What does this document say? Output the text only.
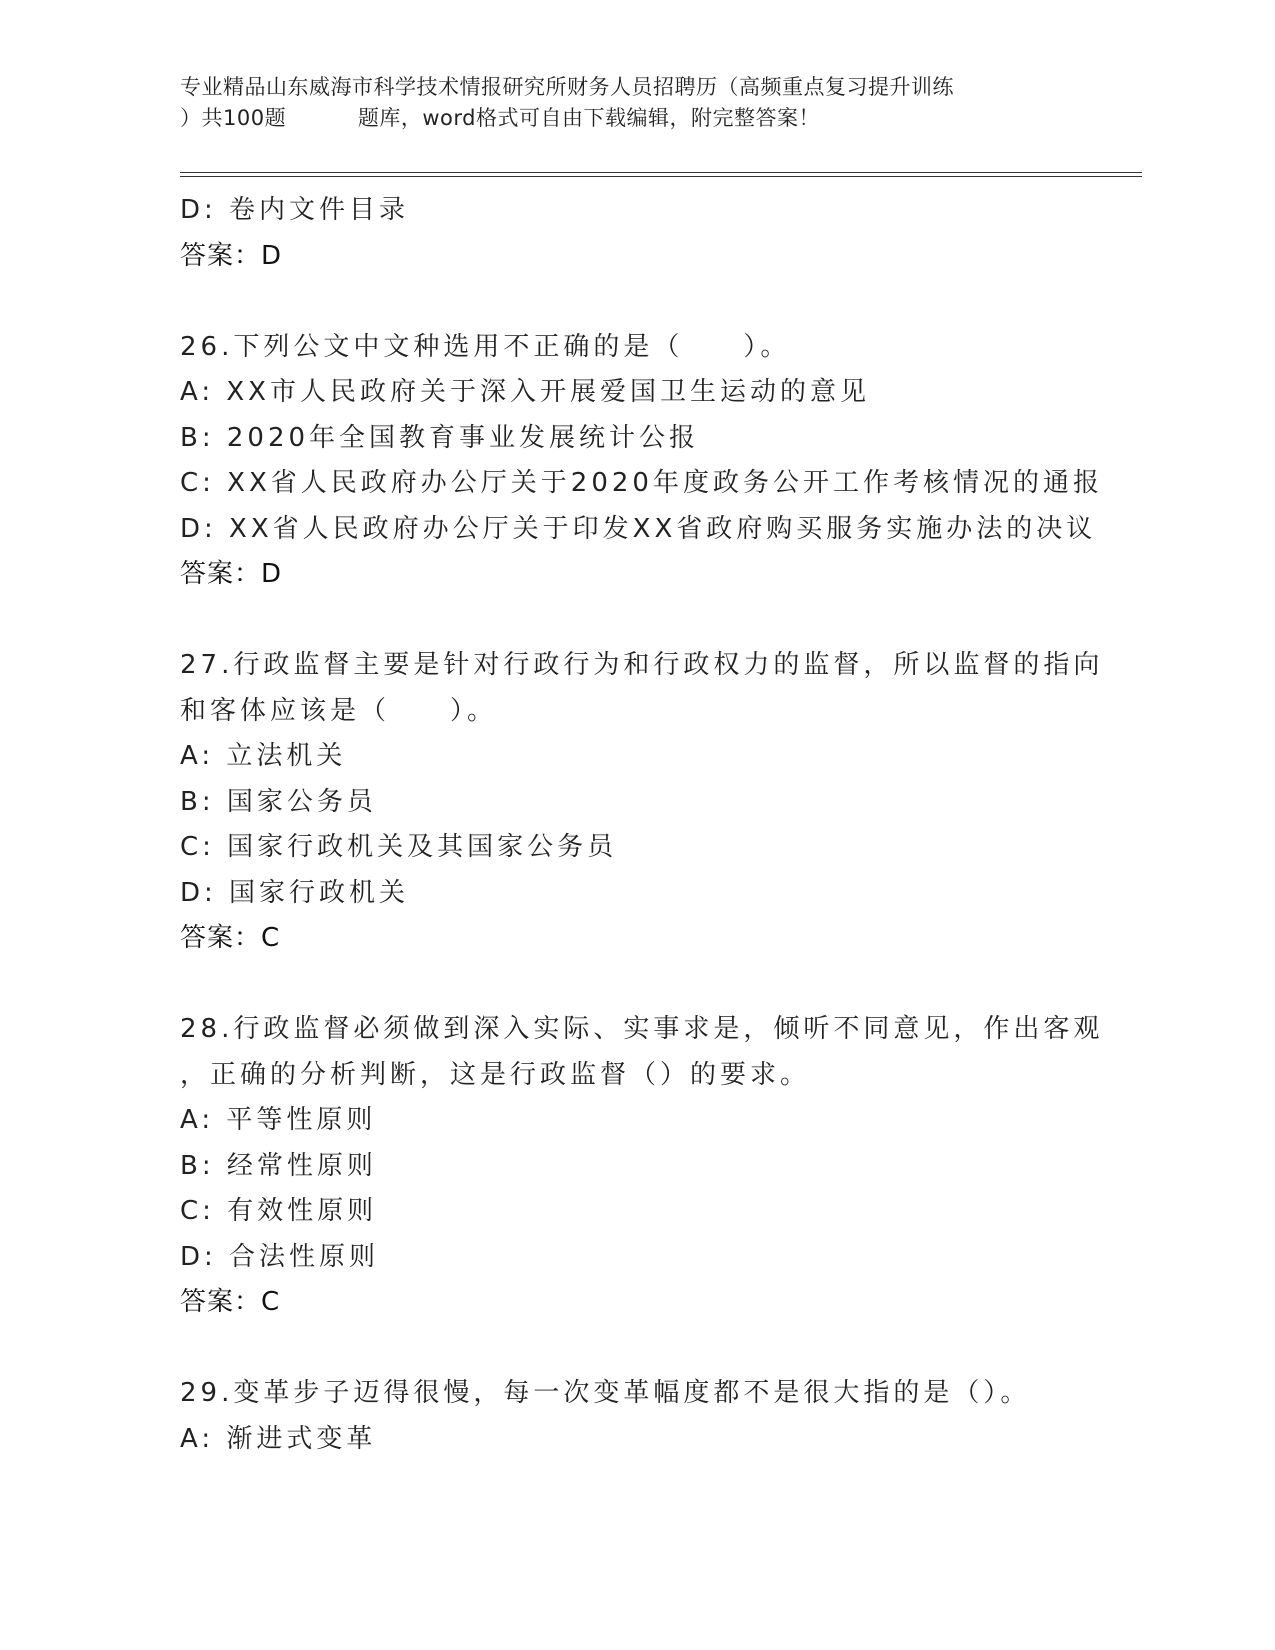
专业精品山东威海市科学技术情报研究所财务人员招聘历（高频重点复习提升训练
）共100题          题库，word格式可自由下载编辑，附完整答案！
D: 卷内文件目录
答案：D
26.下列公文中文种选用不正确的是（　　）。
A: XX市人民政府关于深入开展爱国卫生运动的意见
B: 2020年全国教育事业发展统计公报
C: XX省人民政府办公厅关于2020年度政务公开工作考核情况的通报
D: XX省人民政府办公厅关于印发XX省政府购买服务实施办法的决议
答案：D
27.行政监督主要是针对行政行为和行政权力的监督，所以监督的指向
和客体应该是（　　）。
A: 立法机关
B: 国家公务员
C: 国家行政机关及其国家公务员
D: 国家行政机关
答案：C
28.行政监督必须做到深入实际、实事求是，倾听不同意见，作出客观
，正确的分析判断，这是行政监督（）的要求。
A: 平等性原则
B: 经常性原则
C: 有效性原则
D: 合法性原则
答案：C
29.变革步子迈得很慢，每一次变革幅度都不是很大指的是（）。
A: 渐进式变革
